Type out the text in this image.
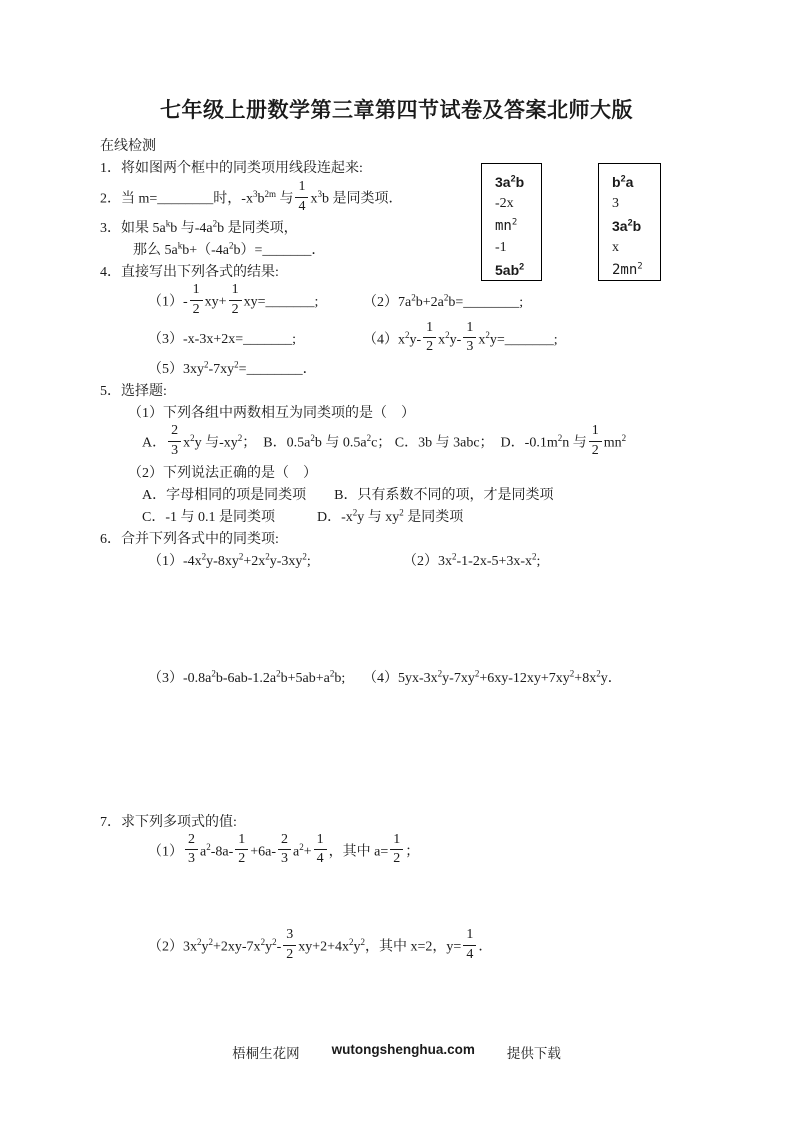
七年级上册数学第三章第四节试卷及答案北师大版
在线检测
1．将如图两个框中的同类项用线段连起来:
2．当 m=________时，$-x^3b^{2m}$ 与 $\frac{1}{4} x^3b$ 是同类项．
3．如果 $5a^kb$ 与$-4a^2b$ 是同类项，
那么 $5a^kb+(-4a^2b)=\_\_\_\_\_\_\_$．
4．直接写出下列各式的结果:
$(1)- \frac{1}{2} xy+ \frac{1}{2}$ xy=_______;	$(2)7a^2b+2a^2b=\_\_\_\_\_\_\_\_$;
（3）-x-3x+2x=_______;	$(4)x^2y- \frac{1}{2} x^2y- \frac{1}{3}$ $x^2y=\_\_\_\_\_\_\_$;
$(5)3xy^2-7xy^2=\_\_\_\_\_\_\_\_$．
5．选择题:
（1）下列各组中两数相互为同类项的是（　）
A． $\frac{2}{3} x^2y$ 与$-xy^2$；　B．$0.5a^2b$ 与 $0.5a^2c$； C．3b 与 3abc；　D．$-0.1m^2n$ 与 $\frac{1}{2} mn^2$
（2）下列说法正确的是（　）
A．字母相同的项是同类项　　B．只有系数不同的项，才是同类项
C．-1 与 0.1 是同类项　　　D．$-x^2y$ 与 $xy^2$ 是同类项
6．合并下列各式中的同类项:
$(1)-4x^2y-8xy^2+2x^2y-3xy^2$;	$(2)3x^2-1-2x-5+3x-x^2$;
$(3)-0.8a^2b-6ab-1.2a^2b+5ab+a^2b$;	$(4)5yx-3x^2y-7xy^2+6xy-12xy+7xy^2+8x^2y$．
7．求下列多项式的值:
$(1) \frac{2}{3} a^2-8a- \frac{1}{2} +6a- \frac{2}{3} a^2+ \frac{1}{4}$ ，其中 $a= \frac{1}{2}$ ；
$(2)3x^2y^2+2xy-7x^2y^2- \frac{3}{2} xy+2+4x^2y^2$，其中 x=2，$y= \frac{1}{4}$ ．
$3a^2b$
-2x
$mn^2$
-1
$5ab^2$
$b^2a$
3
$3a^2b$
x
$2mn^2$
梧桐生花网 wutongshenghua.com 提供下载
